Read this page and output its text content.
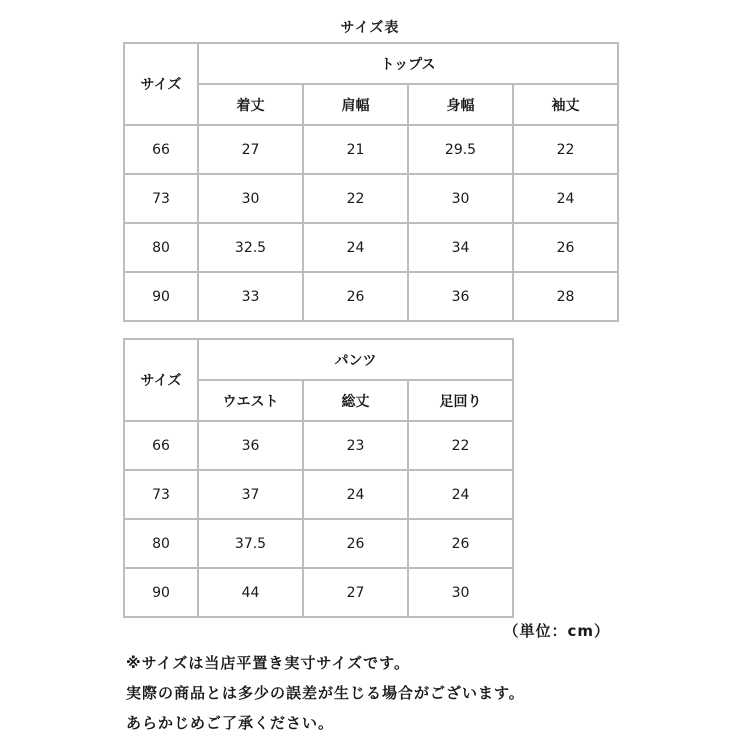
サイズ表
サイズ	トップス			
	着丈	肩幅	身幅	袖丈
66	27	21	29.5	22
73	30	22	30	24
80	32.5	24	34	26
90	33	26	36	28
サイズ	パンツ		
	ウエスト	総丈	足回り
66	36	23	22
73	37	24	24
80	37.5	26	26
90	44	27	30
（単位：cm）
※サイズは当店平置き実寸サイズです。
実際の商品とは多少の誤差が生じる場合がございます。
あらかじめご了承ください。
